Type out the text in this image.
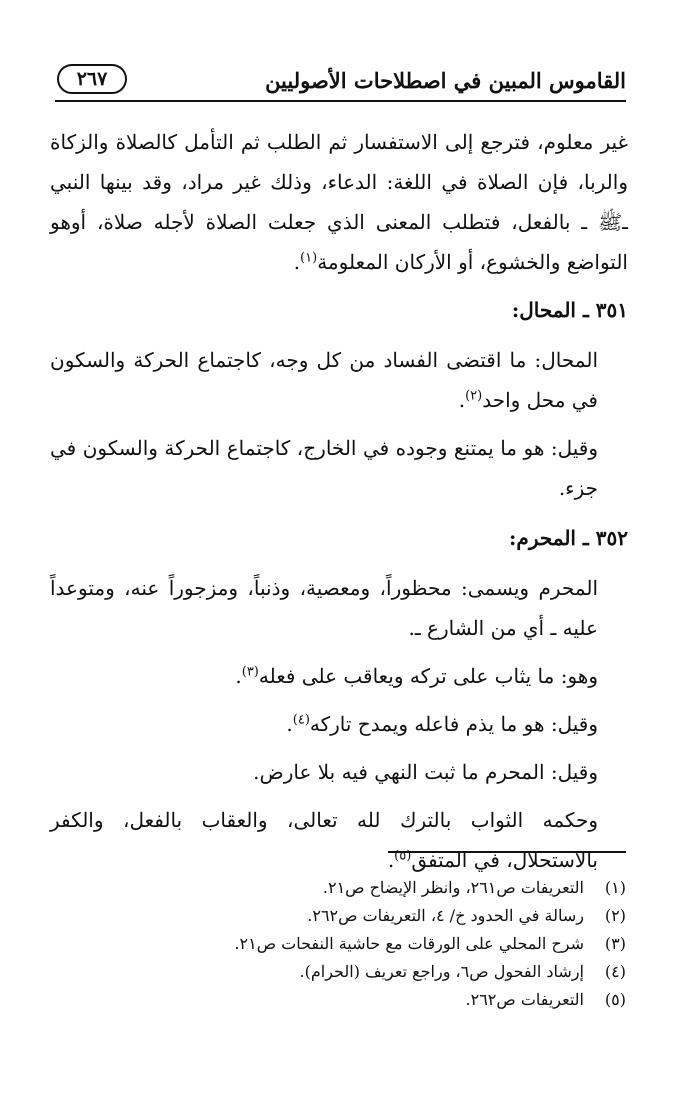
القاموس المبين في اصطلاحات الأصوليين
٢٦٧

غير معلوم، فترجع إلى الاستفسار ثم الطلب ثم التأمل كالصلاة والزكاة والربا، فإن الصلاة في اللغة: الدعاء، وذلك غير مراد، وقد بينها النبي ـﷺ ـ بالفعل، فتطلب المعنى الذي جعلت الصلاة لأجله صلاة، أوهو التواضع والخشوع، أو الأركان المعلومة$^{(١)}$.

٣٥١ ـ المحال:

المحال: ما اقتضى الفساد من كل وجه، كاجتماع الحركة والسكون في محل واحد$^{(٢)}$.

وقيل: هو ما يمتنع وجوده في الخارج، كاجتماع الحركة والسكون في جزء.

٣٥٢ ـ المحرم:

المحرم ويسمى: محظوراً، ومعصية، وذنباً، ومزجوراً عنه، ومتوعداً عليه ـ أي من الشارع ـ.

وهو: ما يثاب على تركه ويعاقب على فعله$^{(٣)}$.

وقيل: هو ما يذم فاعله ويمدح تاركه$^{(٤)}$.

وقيل: المحرم ما ثبت النهي فيه بلا عارض.

وحكمه الثواب بالترك لله تعالى، والعقاب بالفعل، والكفر بالاستحلال، في المتفق$^{(٥)}$.

(١)التعريفات ص٢٦١، وانظر الإيضاح ص٢١.
(٢)رسالة في الحدود خ/ ٤، التعريفات ص٢٦٢.
(٣)شرح المحلي على الورقات مع حاشية النفحات ص٢١.
(٤)إرشاد الفحول ص٦، وراجع تعريف (الحرام).
(٥)التعريفات ص٢٦٢.
